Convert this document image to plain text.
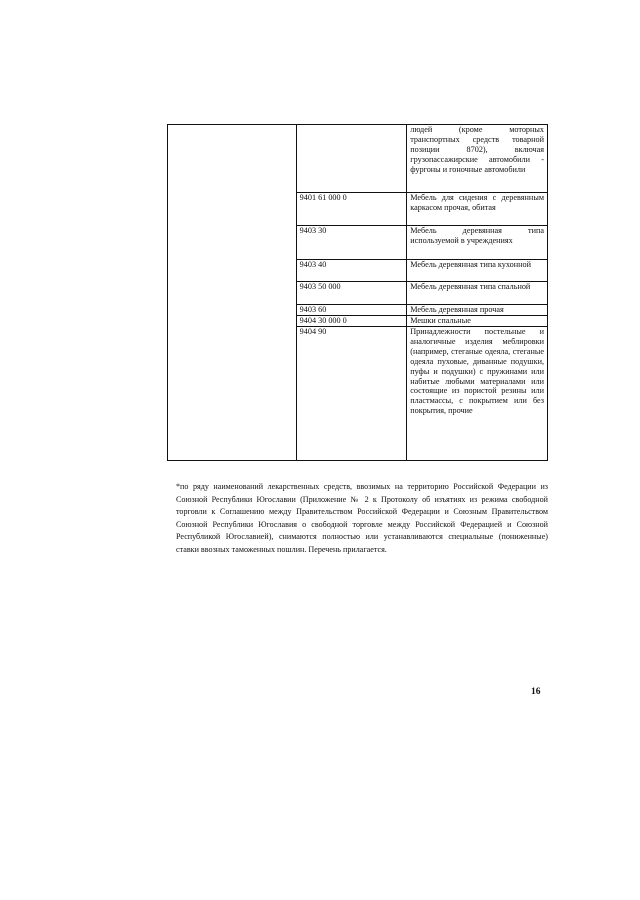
		людей (кроме моторных транспортных средств товарной позиции 8702), включая грузопассажирские автомобили - фургоны и гоночные автомобили

	9401 61 000 0	Мебель для сидения с деревянным каркасом прочая, обитая

	9403 30	Мебель деревянная типа используемой в учреждениях

	9403 40	Мебель деревянная типа кухонной

	9403 50 000	Мебель деревянная типа спальной

	9403 60	Мебель деревянная прочая

	9404 30 000 0	Мешки спальные

	9404 90	Принадлежности постельные и аналогичные изделия меблировки (например, стеганые одеяла, стеганые одеяла пуховые, диванные подушки, пуфы и подушки) с пружинами или набитые любыми материалами или состоящие из пористой резины или пластмассы, с покрытием или без покрытия, прочие

*по ряду наименований лекарственных средств, ввозимых на территорию Российской Федерации из Союзной Республики Югославии (Приложение № 2 к Протоколу об изъятиях из режима свободной торговли к Соглашению между Правительством Российской Федерации и Союзным Правительством Союзной Республики Югославия о свободной торговле между Российской Федерацией и Союзной Республикой Югославией), снимаются полностью или устанавливаются специальные (пониженные) ставки ввозных таможенных пошлин. Перечень прилагается.

16
